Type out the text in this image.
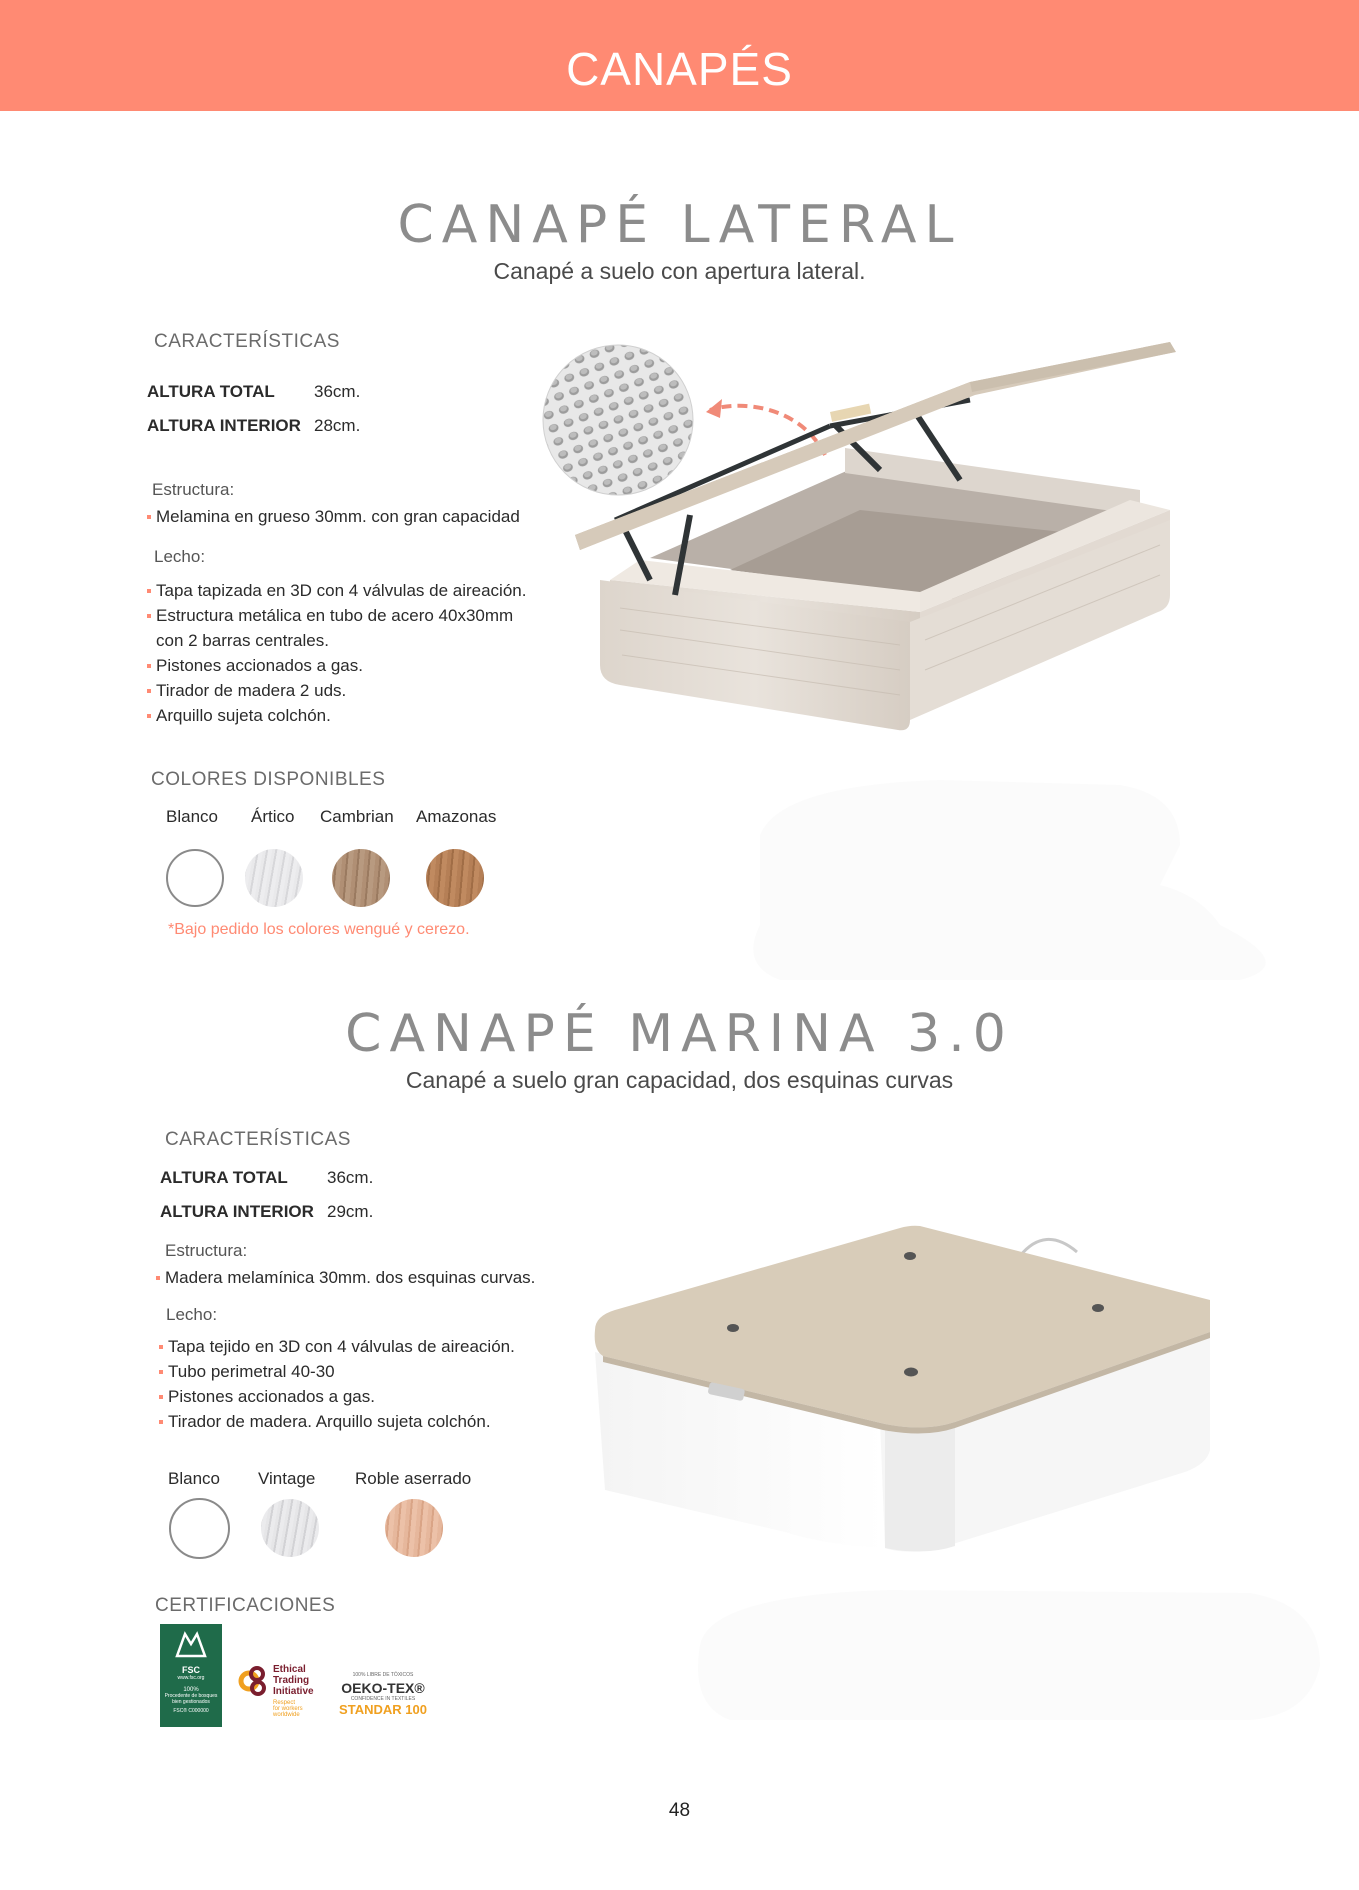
CANAPÉS
CANAPÉ LATERAL
Canapé a suelo con apertura lateral.
CARACTERÍSTICAS
ALTURA TOTAL 36cm.
ALTURA INTERIOR 28cm.
Estructura:
Melamina en grueso 30mm. con gran capacidad
Lecho:
Tapa tapizada en 3D con 4 válvulas de aireación.
Estructura metálica en tubo de acero 40x30mm
con 2 barras centrales.
Pistones accionados a gas.
Tirador de madera 2 uds.
Arquillo sujeta colchón.
COLORES DISPONIBLES
Blanco Ártico Cambrian Amazonas
*Bajo pedido los colores wengué y cerezo.
CANAPÉ MARINA 3.0
Canapé a suelo gran capacidad, dos esquinas curvas
CARACTERÍSTICAS
ALTURA TOTAL 36cm.
ALTURA INTERIOR 29cm.
Estructura:
Madera melamínica 30mm. dos esquinas curvas.
Lecho:
Tapa tejido en 3D con 4 válvulas de aireación.
Tubo perimetral 40-30
Pistones accionados a gas.
Tirador de madera. Arquillo sujeta colchón.
Blanco Vintage Roble aserrado
CERTIFICACIONES
FSC
www.fsc.org
100%
Procedente de bosques bien gestionados
FSC® C000000
Ethical
Trading
Initiative
Respect
for workers
worldwide
100% LIBRE DE TÓXICOS
OEKO-TEX®
CONFIDENCE IN TEXTILES
STANDAR 100
48
